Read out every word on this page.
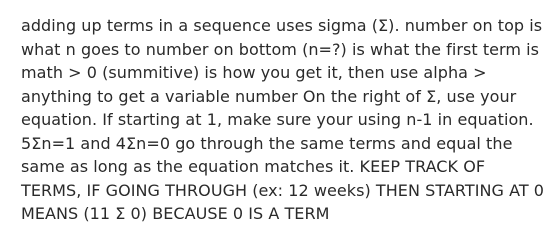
adding up terms in a sequence uses sigma (Σ). number on top is
what n goes to number on bottom (n=?) is what the first term is
math > 0 (summitive) is how you get it, then use alpha >
anything to get a variable number On the right of Σ, use your
equation. If starting at 1, make sure your using n-1 in equation.
5Σn=1 and 4Σn=0 go through the same terms and equal the
same as long as the equation matches it. KEEP TRACK OF
TERMS, IF GOING THROUGH (ex: 12 weeks) THEN STARTING AT 0
MEANS (11 Σ 0) BECAUSE 0 IS A TERM
